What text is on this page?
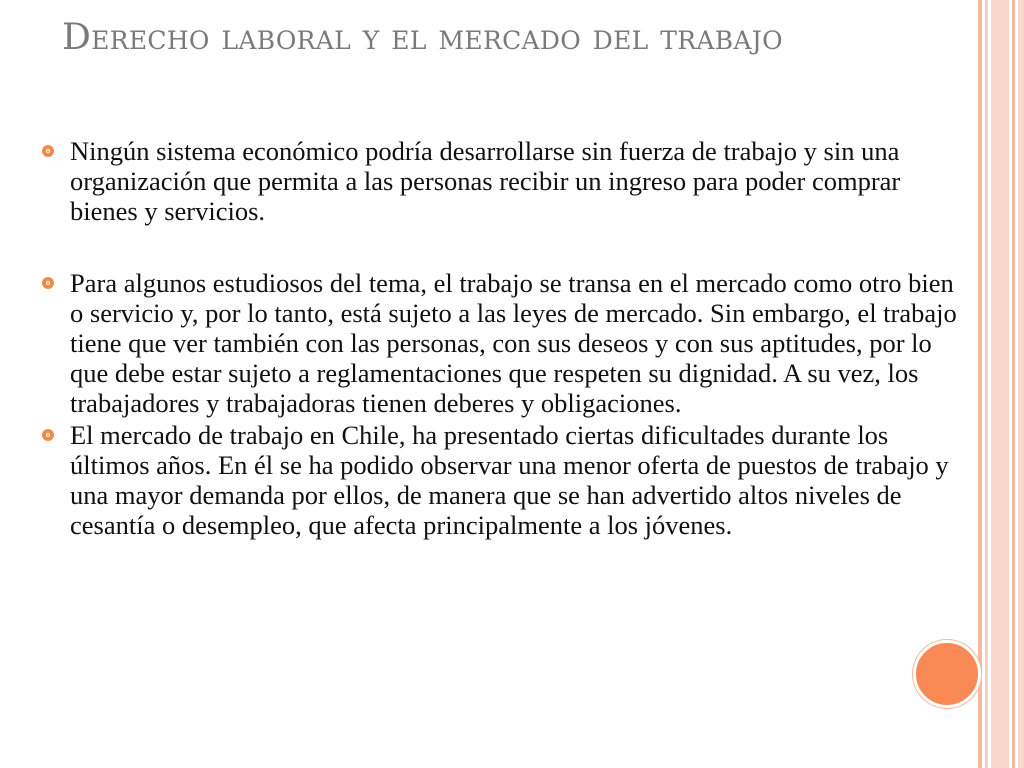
Derecho laboral y el mercado del trabajo
Ningún sistema económico podría desarrollarse sin fuerza de trabajo y sin una organización que permita a las personas recibir un ingreso para poder comprar bienes y servicios.
Para algunos estudiosos del tema, el trabajo se transa en el mercado como otro bien o servicio y, por lo tanto, está sujeto a las leyes de mercado. Sin embargo, el trabajo tiene que ver también con las personas, con sus deseos y con sus aptitudes, por lo que debe estar sujeto a reglamentaciones que respeten su dignidad. A su vez, los trabajadores y trabajadoras tienen deberes y obligaciones.
El mercado de trabajo en Chile, ha presentado ciertas dificultades durante los últimos años. En él se ha podido observar una menor oferta de puestos de trabajo y una mayor demanda por ellos, de manera que se han advertido altos niveles de cesantía o desempleo, que afecta principalmente a los jóvenes.
